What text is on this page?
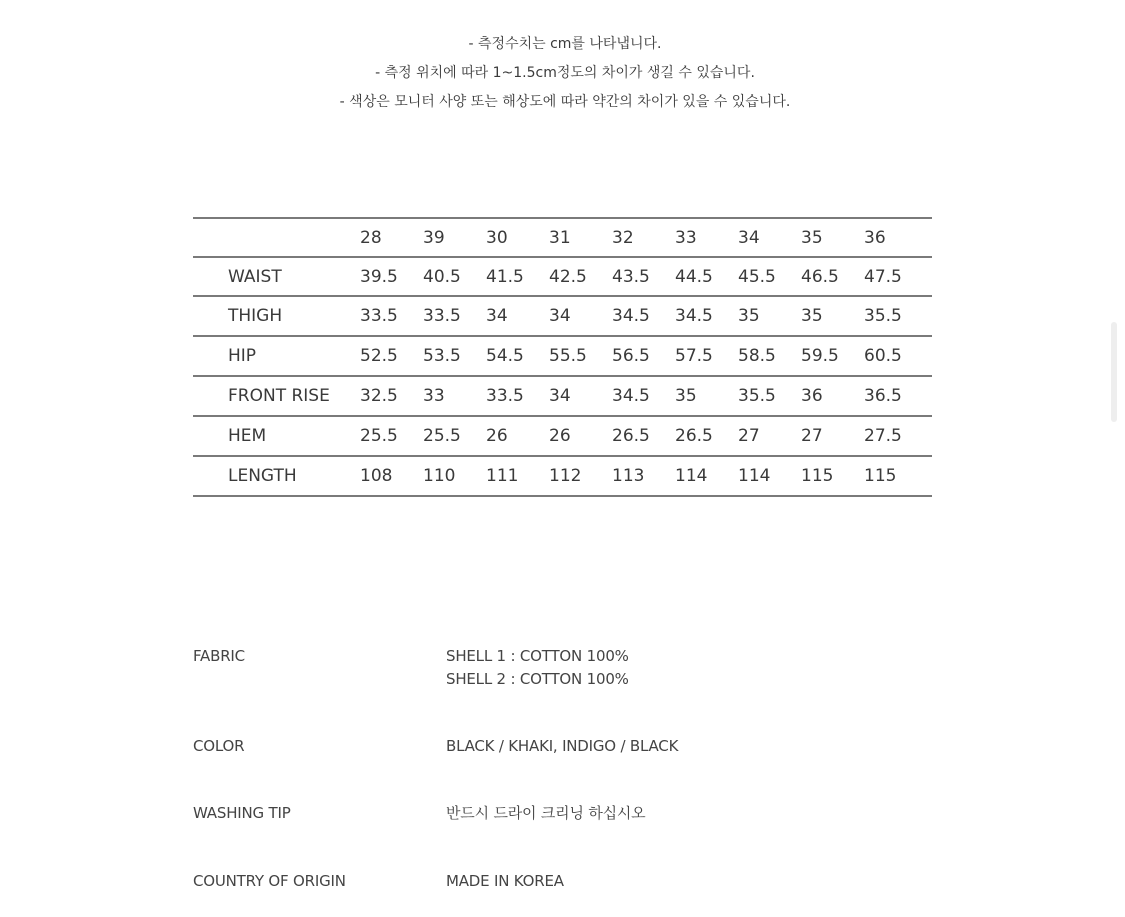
- 측정수치는 cm를 나타냅니다.
- 측정 위치에 따라 1~1.5cm정도의 차이가 생길 수 있습니다.
- 색상은 모니터 사양 또는 해상도에 따라 약간의 차이가 있을 수 있습니다.
	28	39	30	31	32	33	34	35	36
WAIST	39.5	40.5	41.5	42.5	43.5	44.5	45.5	46.5	47.5
THIGH	33.5	33.5	34	34	34.5	34.5	35	35	35.5
HIP	52.5	53.5	54.5	55.5	56.5	57.5	58.5	59.5	60.5
FRONT RISE	32.5	33	33.5	34	34.5	35	35.5	36	36.5
HEM	25.5	25.5	26	26	26.5	26.5	27	27	27.5
LENGTH	108	110	111	112	113	114	114	115	115
FABRIC	SHELL 1 : COTTON 100%
SHELL 2 : COTTON 100%
COLOR	BLACK / KHAKI, INDIGO / BLACK
WASHING TIP	반드시 드라이 크리닝 하십시오
COUNTRY OF ORIGIN	MADE IN KOREA
